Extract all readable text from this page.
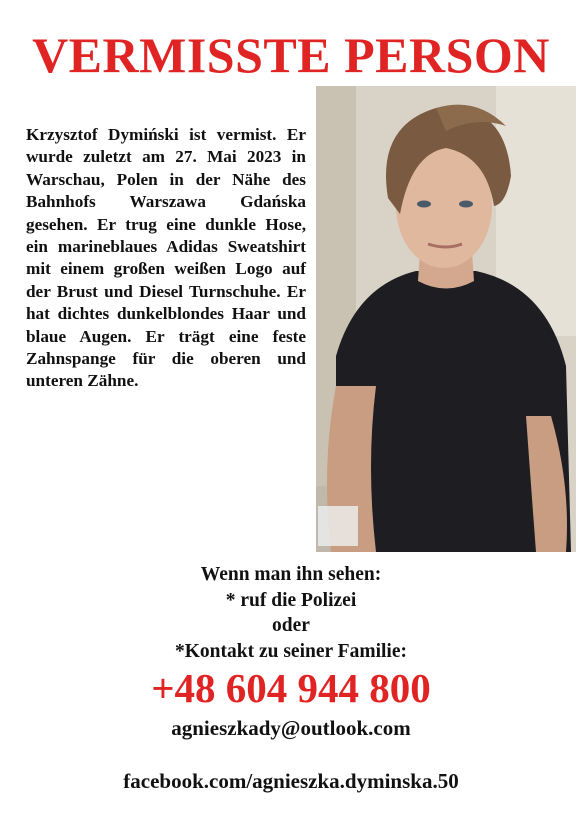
VERMISSTE PERSON
Krzysztof Dymiński ist vermist. Er wurde zuletzt am 27. Mai 2023 in Warschau, Polen in der Nähe des Bahnhofs Warszawa Gdańska gesehen. Er trug eine dunkle Hose, ein marineblaues Adidas Sweatshirt mit einem großen weißen Logo auf der Brust und Diesel Turnschuhe. Er hat dichtes dunkelblondes Haar und blaue Augen. Er trägt eine feste Zahnspange für die oberen und unteren Zähne.
Wenn man ihn sehen:
* ruf die Polizei
oder
*Kontakt zu seiner Familie:
+48 604 944 800
agnieszkady@outlook.com
facebook.com/agnieszka.dyminska.50
